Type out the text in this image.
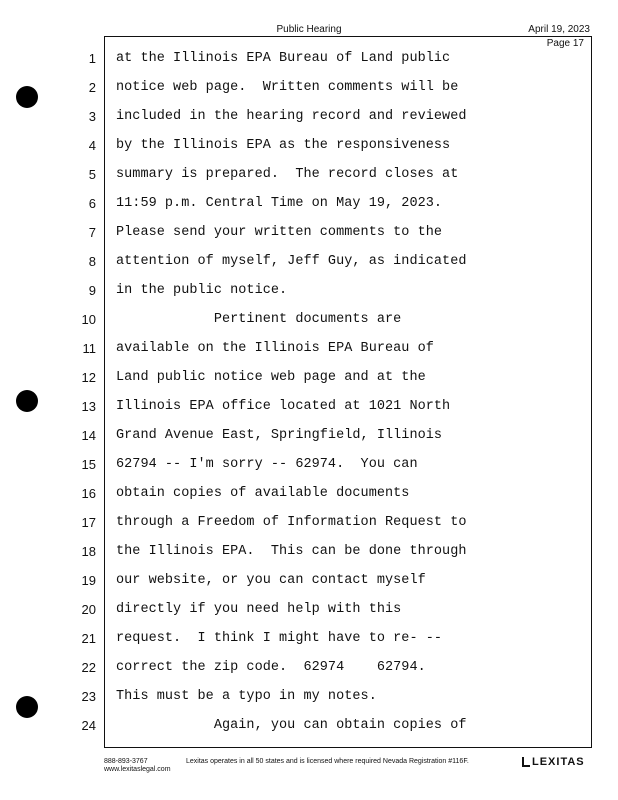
Public Hearing	April 19, 2023
Page 17
1
2
3
4
5
6
7
8
9
10
11
12
13
14
15
16
17
18
19
20
21
22
23
24
at the Illinois EPA Bureau of Land public
notice web page.  Written comments will be
included in the hearing record and reviewed
by the Illinois EPA as the responsiveness
summary is prepared.  The record closes at
11:59 p.m. Central Time on May 19, 2023.
Please send your written comments to the
attention of myself, Jeff Guy, as indicated
in the public notice.
Pertinent documents are
available on the Illinois EPA Bureau of
Land public notice web page and at the
Illinois EPA office located at 1021 North
Grand Avenue East, Springfield, Illinois
62794 -- I'm sorry -- 62974.  You can
obtain copies of available documents
through a Freedom of Information Request to
the Illinois EPA.  This can be done through
our website, or you can contact myself
directly if you need help with this
request.  I think I might have to re- --
correct the zip code.  62974    62794.
This must be a typo in my notes.
Again, you can obtain copies of
888-893-3767
www.lexitaslegal.com
Lexitas operates in all 50 states and is licensed where required Nevada Registration #116F.	LEXITAS
